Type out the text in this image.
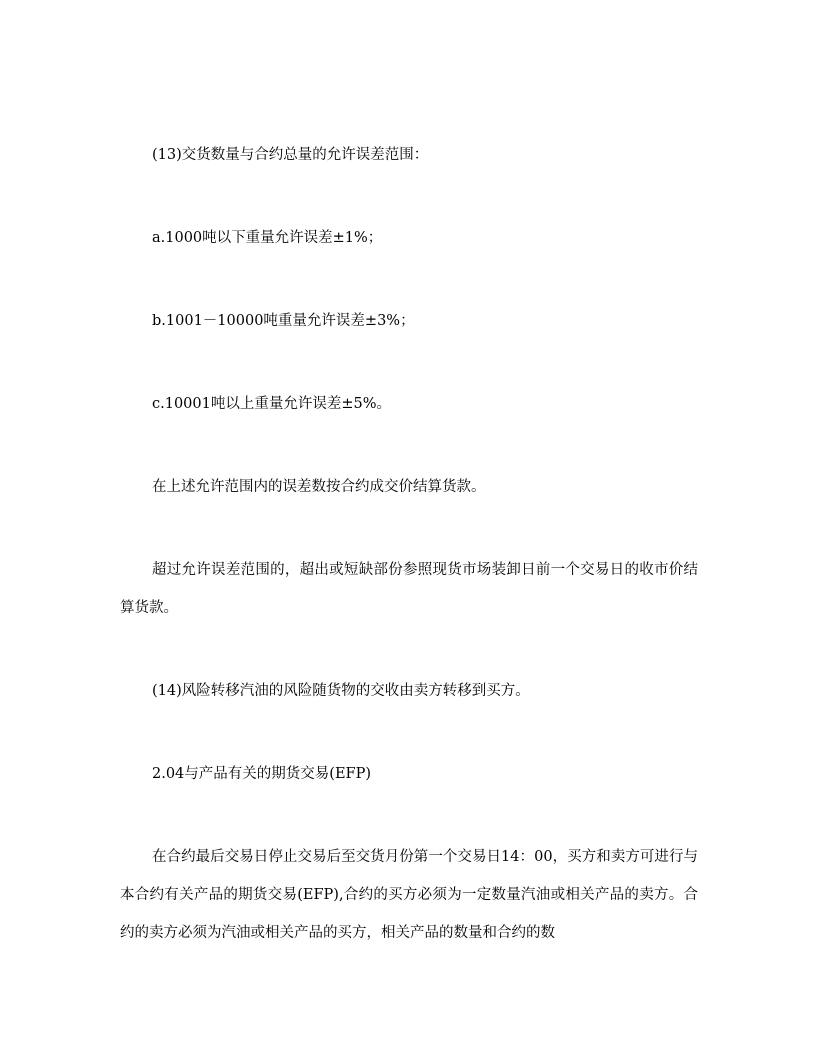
(13)交货数量与合约总量的允许误差范围：

a.1000吨以下重量允许误差±1%；

b.1001－10000吨重量允许误差±3%；

c.10001吨以上重量允许误差±5%。

在上述允许范围内的误差数按合约成交价结算货款。

超过允许误差范围的，超出或短缺部份参照现货市场装卸日前一个交易日的收市价结算货款。

(14)风险转移汽油的风险随货物的交收由卖方转移到买方。

2.04与产品有关的期货交易(EFP)

在合约最后交易日停止交易后至交货月份第一个交易日14：00，买方和卖方可进行与本合约有关产品的期货交易(EFP),合约的买方必须为一定数量汽油或相关产品的卖方。合约的卖方必须为汽油或相关产品的买方，相关产品的数量和合约的数
